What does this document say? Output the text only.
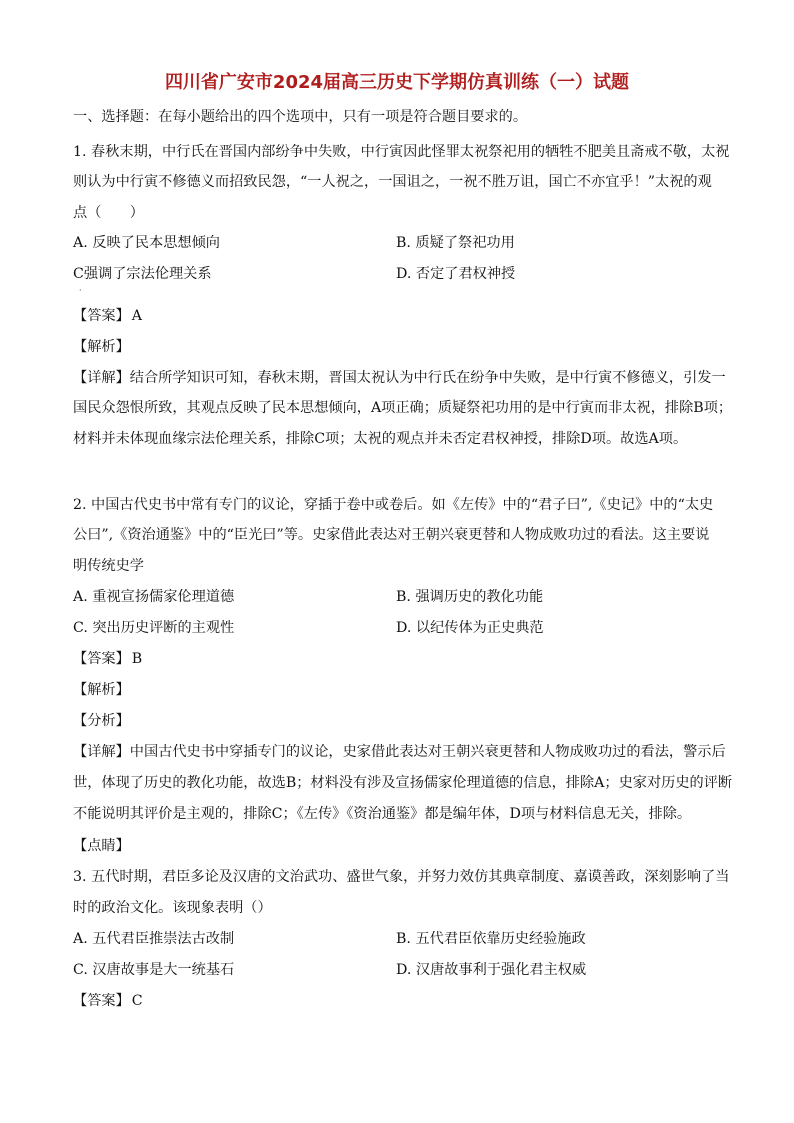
四川省广安市2024届高三历史下学期仿真训练（一）试题
一、选择题：在每小题给出的四个选项中，只有一项是符合题目要求的。
1. 春秋末期，中行氏在晋国内部纷争中失败，中行寅因此怪罪太祝祭祀用的牺牲不肥美且斋戒不敬，太祝
则认为中行寅不修德义而招致民怨，“一人祝之，一国诅之，一祝不胜万诅，国亡不亦宜乎！”太祝的观
点（　　）
A. 反映了民本思想倾向	B. 质疑了祭祀功用
C强调了宗法伦理关系	D. 否定了君权神授
·
【答案】 A
【解析】
【详解】结合所学知识可知，春秋末期，晋国太祝认为中行氏在纷争中失败，是中行寅不修德义，引发一
国民众怨恨所致，其观点反映了民本思想倾向，A项正确；质疑祭祀功用的是中行寅而非太祝，排除B项；
材料并未体现血缘宗法伦理关系，排除C项；太祝的观点并未否定君权神授，排除D项。故选A项。
2. 中国古代史书中常有专门的议论，穿插于卷中或卷后。如《左传》中的“君子曰”,《史记》中的“太史
公曰”,《资治通鉴》中的“臣光曰”等。史家借此表达对王朝兴衰更替和人物成败功过的看法。这主要说
明传统史学
A. 重视宣扬儒家伦理道德	B. 强调历史的教化功能
C. 突出历史评断的主观性	D. 以纪传体为正史典范
【答案】 B
【解析】
【分析】
【详解】中国古代史书中穿插专门的议论，史家借此表达对王朝兴衰更替和人物成败功过的看法，警示后
世，体现了历史的教化功能，故选B；材料没有涉及宣扬儒家伦理道德的信息，排除A；史家对历史的评断
不能说明其评价是主观的，排除C；《左传》《资治通鉴》都是编年体，D项与材料信息无关，排除。
【点睛】
3. 五代时期，君臣多论及汉唐的文治武功、盛世气象，并努力效仿其典章制度、嘉谟善政，深刻影响了当
时的政治文化。该现象表明（）
A. 五代君臣推崇法古改制	B. 五代君臣依靠历史经验施政
C. 汉唐故事是大一统基石	D. 汉唐故事利于强化君主权威
【答案】 C
